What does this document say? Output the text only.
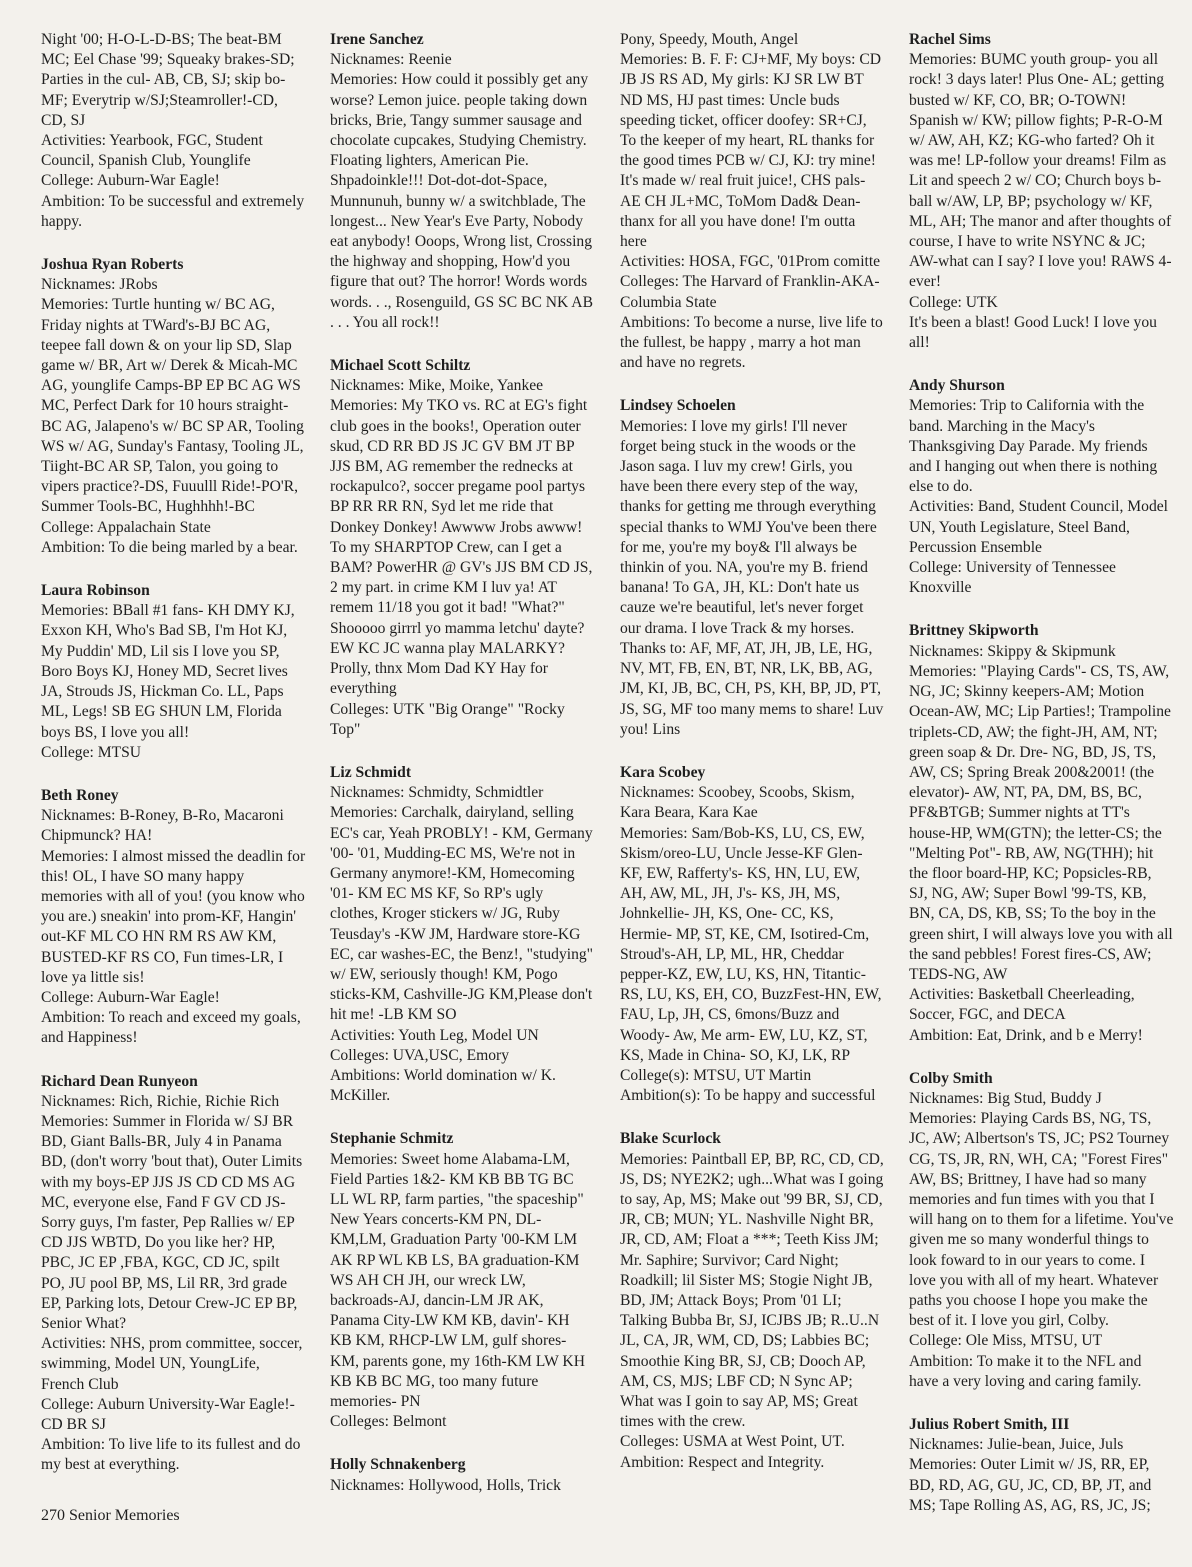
Night '00; H-O-L-D-BS; The beat-BM MC; Eel Chase '99; Squeaky brakes-SD; Parties in the cul- AB, CB, SJ; skip bo- MF; Everytrip w/SJ;Steamroller!-CD, CD, SJ
Activities: Yearbook, FGC, Student Council, Spanish Club, Younglife
College: Auburn-War Eagle!
Ambition: To be successful and extremely happy.
Joshua Ryan Roberts
Nicknames: JRobs
Memories: Turtle hunting w/ BC AG, Friday nights at TWard's-BJ BC AG, teepee fall down & on your lip SD, Slap game w/ BR, Art w/ Derek & Micah-MC AG, younglife Camps-BP EP BC AG WS MC, Perfect Dark for 10 hours straight-BC AG, Jalapeno's w/ BC SP AR, Tooling WS w/ AG, Sunday's Fantasy, Tooling JL, Tiight-BC AR SP, Talon, you going to vipers practice?-DS, Fuuulll Ride!-PO'R, Summer Tools-BC, Hughhhh!-BC
College: Appalachain State
Ambition: To die being marled by a bear.
Laura Robinson
Memories: BBall #1 fans- KH DMY KJ, Exxon KH, Who's Bad SB, I'm Hot KJ, My Puddin' MD, Lil sis I love you SP, Boro Boys KJ, Honey MD, Secret lives JA, Strouds JS, Hickman Co. LL, Paps ML, Legs! SB EG SHUN LM, Florida boys BS, I love you all!
College: MTSU
Beth Roney
Nicknames: B-Roney, B-Ro, Macaroni Chipmunck? HA!
Memories: I almost missed the deadlin for this! OL, I have SO many happy memories with all of you! (you know who you are.) sneakin' into prom-KF, Hangin' out-KF ML CO HN RM RS AW KM, BUSTED-KF RS CO, Fun times-LR, I love ya little sis!
College: Auburn-War Eagle!
Ambition: To reach and exceed my goals, and Happiness!
Richard Dean Runyeon
Nicknames: Rich, Richie, Richie Rich
Memories: Summer in Florida w/ SJ BR BD, Giant Balls-BR, July 4 in Panama BD, (don't worry 'bout that), Outer Limits with my boys-EP JJS JS CD CD MS AG MC, everyone else, Fand F GV CD JS-Sorry guys, I'm faster, Pep Rallies w/ EP CD JJS WBTD, Do you like her? HP, PBC, JC EP ,FBA, KGC, CD JC, spilt PO, JU pool BP, MS, Lil RR, 3rd grade EP, Parking lots, Detour Crew-JC EP BP, Senior What?
Activities: NHS, prom committee, soccer, swimming, Model UN, YoungLife, French Club
College: Auburn University-War Eagle!-CD BR SJ
Ambition: To live life to its fullest and do my best at everything.
Irene Sanchez
Nicknames: Reenie
Memories: How could it possibly get any worse? Lemon juice. people taking down bricks, Brie, Tangy summer sausage and chocolate cupcakes, Studying Chemistry. Floating lighters, American Pie. Shpadoinkle!!! Dot-dot-dot-Space, Munnunuh, bunny w/ a switchblade, The longest... New Year's Eve Party, Nobody eat anybody! Ooops, Wrong list, Crossing the highway and shopping, How'd you figure that out? The horror! Words words words. . ., Rosenguild, GS SC BC NK AB . . . You all rock!!
Michael Scott Schiltz
Nicknames: Mike, Moike, Yankee
Memories: My TKO vs. RC at EG's fight club goes in the books!, Operation outer skud, CD RR BD JS JC GV BM JT BP JJS BM, AG remember the rednecks at rockapulco?, soccer pregame pool partys BP RR RR RN, Syd let me ride that Donkey Donkey! Awwww Jrobs awww! To my SHARPTOP Crew, can I get a BAM? PowerHR @ GV's JJS BM CD JS, 2 my part. in crime KM I luv ya! AT remem 11/18 you got it bad! "What?" Shooooo girrrl yo mamma letchu' dayte? EW KC JC wanna play MALARKY? Prolly, thnx Mom Dad KY Hay for everything
Colleges: UTK "Big Orange" "Rocky Top"
Liz Schmidt
Nicknames: Schmidty, Schmidtler
Memories: Carchalk, dairyland, selling EC's car, Yeah PROBLY! - KM, Germany '00- '01, Mudding-EC MS, We're not in Germany anymore!-KM, Homecoming '01- KM EC MS KF, So RP's ugly clothes, Kroger stickers w/ JG, Ruby Teusday's -KW JM, Hardware store-KG EC, car washes-EC, the Benz!, "studying" w/ EW, seriously though! KM, Pogo sticks-KM, Cashville-JG KM,Please don't hit me! -LB KM SO
Activities: Youth Leg, Model UN
Colleges: UVA,USC, Emory
Ambitions: World domination w/ K. McKiller.
Stephanie Schmitz
Memories: Sweet home Alabama-LM, Field Parties 1&2- KM KB BB TG BC LL WL RP, farm parties, "the spaceship" New Years concerts-KM PN, DL-KM,LM, Graduation Party '00-KM LM AK RP WL KB LS, BA graduation-KM WS AH CH JH, our wreck LW, backroads-AJ, dancin-LM JR AK, Panama City-LW KM KB, davin'- KH KB KM, RHCP-LW LM, gulf shores-KM, parents gone, my 16th-KM LW KH KB KB BC MG, too many future memories- PN
Colleges: Belmont
Holly Schnakenberg
Nicknames: Hollywood, Holls, Trick
Pony, Speedy, Mouth, Angel
Memories: B. F. F: CJ+MF, My boys: CD JB JS RS AD, My girls: KJ SR LW BT ND MS, HJ past times: Uncle buds speeding ticket, officer doofey: SR+CJ, To the keeper of my heart, RL thanks for the good times PCB w/ CJ, KJ: try mine! It's made w/ real fruit juice!, CHS pals-AE CH JL+MC, ToMom Dad& Dean- thanx for all you have done! I'm outta here
Activities: HOSA, FGC, '01Prom comitte
Colleges: The Harvard of Franklin-AKA- Columbia State
Ambitions: To become a nurse, live life to the fullest, be happy , marry a hot man and have no regrets.
Lindsey Schoelen
Memories: I love my girls! I'll never forget being stuck in the woods or the Jason saga. I luv my crew! Girls, you have been there every step of the way, thanks for getting me through everything special thanks to WMJ You've been there for me, you're my boy& I'll always be thinkin of you. NA, you're my B. friend banana! To GA, JH, KL: Don't hate us cauze we're beautiful, let's never forget our drama. I love Track & my horses. Thanks to: AF, MF, AT, JH, JB, LE, HG, NV, MT, FB, EN, BT, NR, LK, BB, AG, JM, KI, JB, BC, CH, PS, KH, BP, JD, PT, JS, SG, MF too many mems to share! Luv you! Lins
Kara Scobey
Nicknames: Scoobey, Scoobs, Skism, Kara Beara, Kara Kae
Memories: Sam/Bob-KS, LU, CS, EW, Skism/oreo-LU, Uncle Jesse-KF Glen-KF, EW, Rafferty's- KS, HN, LU, EW, AH, AW, ML, JH, J's- KS, JH, MS, Johnkellie- JH, KS, One- CC, KS, Hermie- MP, ST, KE, CM, Isotired-Cm, Stroud's-AH, LP, ML, HR, Cheddar pepper-KZ, EW, LU, KS, HN, Titantic- RS, LU, KS, EH, CO, BuzzFest-HN, EW, FAU, Lp, JH, CS, 6mons/Buzz and Woody- Aw, Me arm- EW, LU, KZ, ST, KS, Made in China- SO, KJ, LK, RP
College(s): MTSU, UT Martin
Ambition(s): To be happy and successful
Blake Scurlock
Memories: Paintball EP, BP, RC, CD, CD, JS, DS; NYE2K2; ugh...What was I going to say, Ap, MS; Make out '99 BR, SJ, CD, JR, CB; MUN; YL. Nashville Night BR, JR, CD, AM; Float a ***; Teeth Kiss JM; Mr. Saphire; Survivor; Card Night; Roadkill; lil Sister MS; Stogie Night JB, BD, JM; Attack Boys; Prom '01 LI; Talking Bubba Br, SJ, ICJBS JB; R..U..N JL, CA, JR, WM, CD, DS; Labbies BC; Smoothie King BR, SJ, CB; Dooch AP, AM, CS, MJS; LBF CD; N Sync AP; What was I goin to say AP, MS; Great times with the crew.
Colleges: USMA at West Point, UT.
Ambition: Respect and Integrity.
Rachel Sims
Memories: BUMC youth group- you all rock! 3 days later! Plus One- AL; getting busted w/ KF, CO, BR; O-TOWN! Spanish w/ KW; pillow fights; P-R-O-M w/ AW, AH, KZ; KG-who farted? Oh it was me! LP-follow your dreams! Film as Lit and speech 2 w/ CO; Church boys b-ball w/AW, LP, BP; psychology w/ KF, ML, AH; The manor and after thoughts of course, I have to write NSYNC & JC; AW-what can I say? I love you! RAWS 4-ever!
College: UTK
It's been a blast! Good Luck! I love you all!
Andy Shurson
Memories: Trip to California with the band. Marching in the Macy's Thanksgiving Day Parade. My friends and I hanging out when there is nothing else to do.
Activities: Band, Student Council, Model UN, Youth Legislature, Steel Band, Percussion Ensemble
College: University of Tennessee Knoxville
Brittney Skipworth
Nicknames: Skippy & Skipmunk
Memories: "Playing Cards"- CS, TS, AW, NG, JC; Skinny keepers-AM; Motion Ocean-AW, MC; Lip Parties!; Trampoline triplets-CD, AW; the fight-JH, AM, NT; green soap & Dr. Dre- NG, BD, JS, TS, AW, CS; Spring Break 200&2001! (the elevator)- AW, NT, PA, DM, BS, BC, PF&BTGB; Summer nights at TT's house-HP, WM(GTN); the letter-CS; the "Melting Pot"- RB, AW, NG(THH); hit the floor board-HP, KC; Popsicles-RB, SJ, NG, AW; Super Bowl '99-TS, KB, BN, CA, DS, KB, SS; To the boy in the green shirt, I will always love you with all the sand pebbles! Forest fires-CS, AW; TEDS-NG, AW
Activities: Basketball Cheerleading, Soccer, FGC, and DECA
Ambition: Eat, Drink, and b e Merry!
Colby Smith
Nicknames: Big Stud, Buddy J
Memories: Playing Cards BS, NG, TS, JC, AW; Albertson's TS, JC; PS2 Tourney CG, TS, JR, RN, WH, CA; "Forest Fires" AW, BS; Brittney, I have had so many memories and fun times with you that I will hang on to them for a lifetime. You've given me so many wonderful things to look foward to in our years to come. I love you with all of my heart. Whatever paths you choose I hope you make the best of it. I love you girl, Colby.
College: Ole Miss, MTSU, UT
Ambition: To make it to the NFL and have a very loving and caring family.
Julius Robert Smith, III
Nicknames: Julie-bean, Juice, Juls
Memories: Outer Limit w/ JS, RR, EP, BD, RD, AG, GU, JC, CD, BP, JT, and MS; Tape Rolling AS, AG, RS, JC, JS;
270 Senior Memories
